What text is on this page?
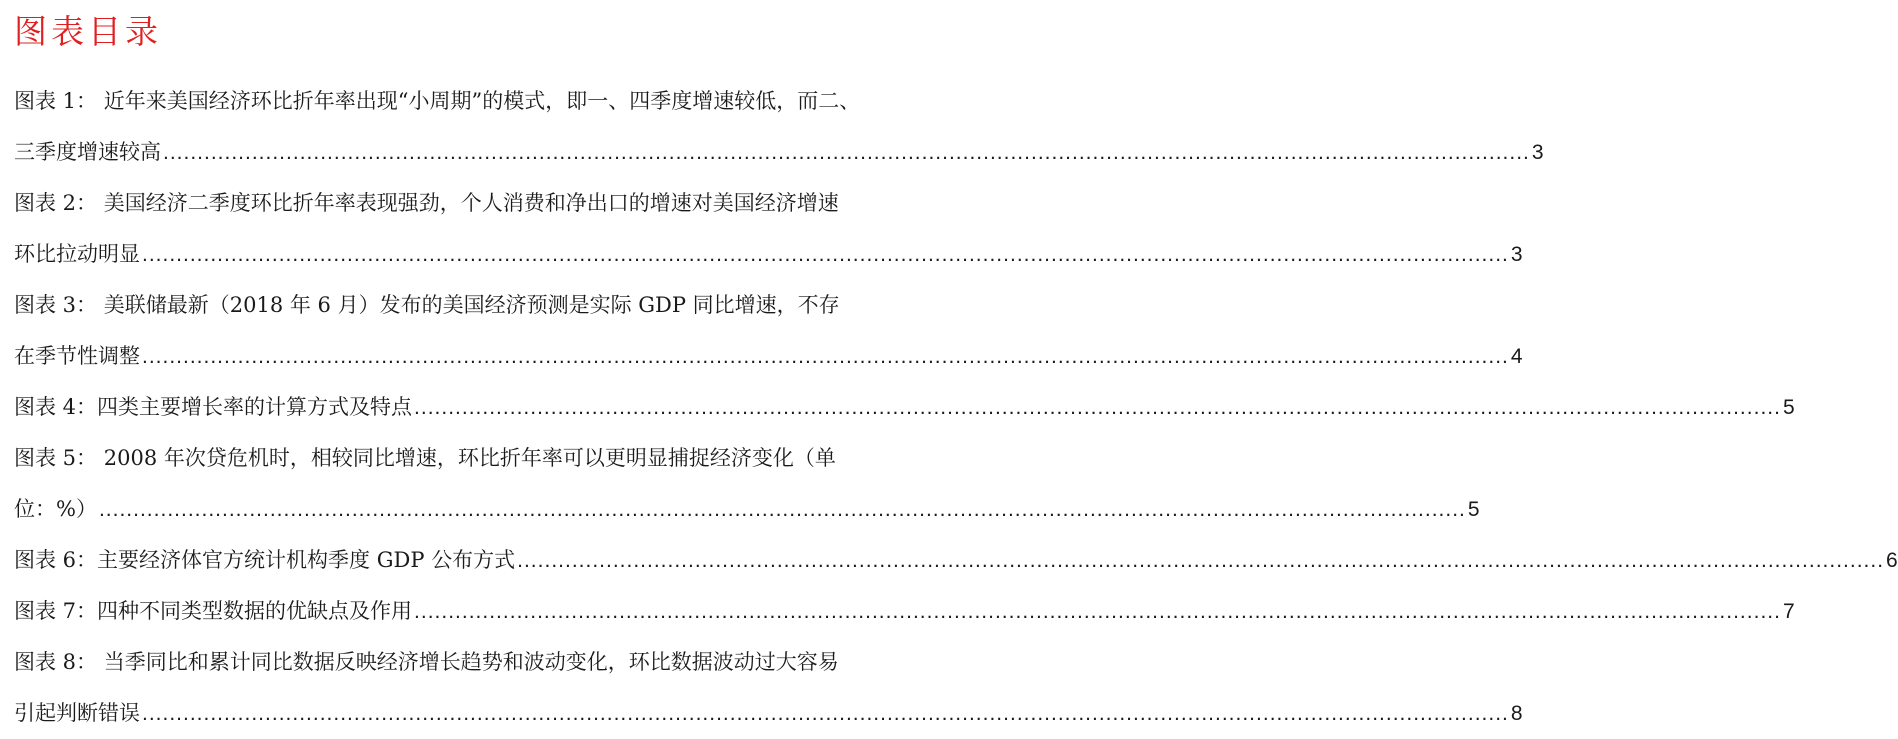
图表目录
图表 1： 近年来美国经济环比折年率出现“小周期”的模式，即一、四季度增速较低，而二、
三季度增速较高 ........................................................................................................................................................................................................ 3
图表 2： 美国经济二季度环比折年率表现强劲，个人消费和净出口的增速对美国经济增速
环比拉动明显 ........................................................................................................................................................................................................ 3
图表 3： 美联储最新（2018 年 6 月）发布的美国经济预测是实际 GDP 同比增速，不存
在季节性调整 ........................................................................................................................................................................................................ 4
图表 4： 四类主要增长率的计算方式及特点 ........................................................................................................................................................................................................ 5
图表 5： 2008 年次贷危机时，相较同比增速，环比折年率可以更明显捕捉经济变化（单
位：%） ........................................................................................................................................................................................................ 5
图表 6： 主要经济体官方统计机构季度 GDP 公布方式 ........................................................................................................................................................................................................ 6
图表 7： 四种不同类型数据的优缺点及作用 ........................................................................................................................................................................................................ 7
图表 8： 当季同比和累计同比数据反映经济增长趋势和波动变化，环比数据波动过大容易
引起判断错误 ........................................................................................................................................................................................................ 8
